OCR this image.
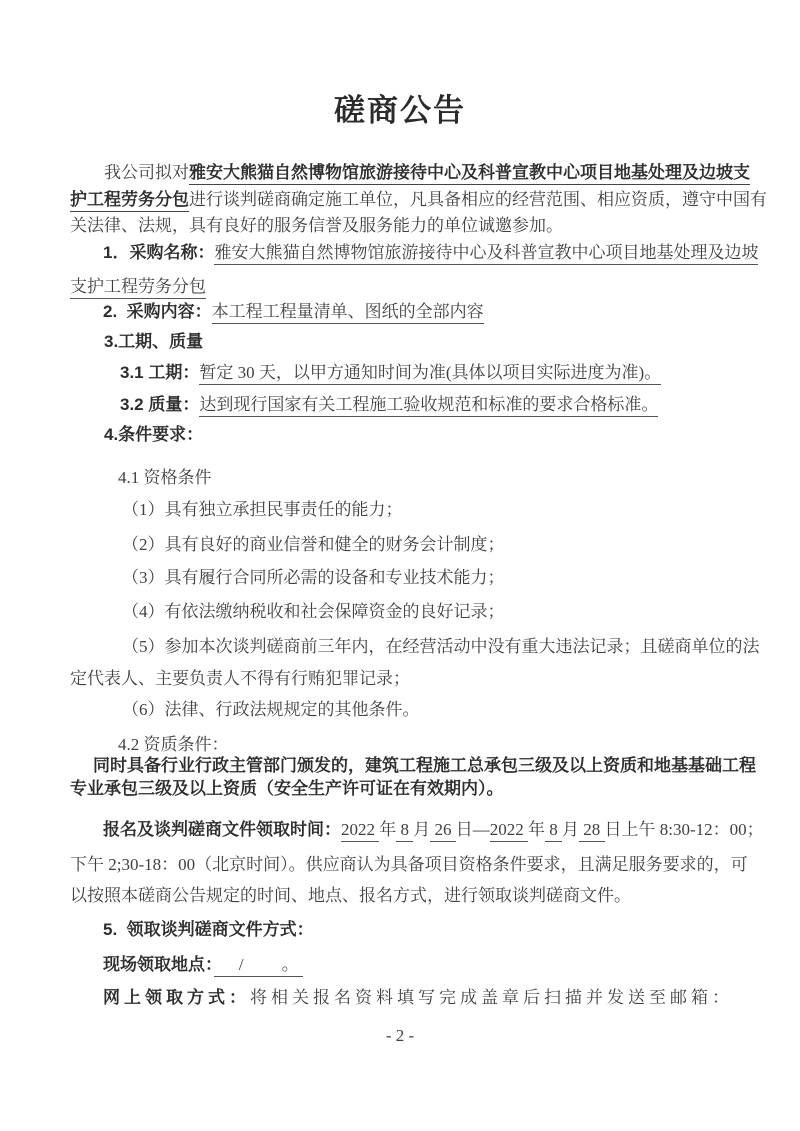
磋商公告
我公司拟对雅安大熊猫自然博物馆旅游接待中心及科普宣教中心项目地基处理及边坡支
护工程劳务分包进行谈判磋商确定施工单位，凡具备相应的经营范围、相应资质，遵守中国有
关法律、法规，具有良好的服务信誉及服务能力的单位诚邀参加。
1．采购名称：雅安大熊猫自然博物馆旅游接待中心及科普宣教中心项目地基处理及边坡
支护工程劳务分包
2.  采购内容：本工程工程量清单、图纸的全部内容
3.工期、质量
3.1 工期：暂定 30 天，以甲方通知时间为准(具体以项目实际进度为准)。
3.2 质量：达到现行国家有关工程施工验收规范和标准的要求合格标准。
4.条件要求：
4.1 资格条件
（1）具有独立承担民事责任的能力；
（2）具有良好的商业信誉和健全的财务会计制度；
（3）具有履行合同所必需的设备和专业技术能力；
（4）有依法缴纳税收和社会保障资金的良好记录；
（5）参加本次谈判磋商前三年内，在经营活动中没有重大违法记录；且磋商单位的法
定代表人、主要负责人不得有行贿犯罪记录；
（6）法律、行政法规规定的其他条件。
4.2 资质条件：
同时具备行业行政主管部门颁发的，建筑工程施工总承包三级及以上资质和地基基础工程
专业承包三级及以上资质（安全生产许可证在有效期内）。
报名及谈判磋商文件领取时间：2022 年 8 月 26 日—2022 年 8 月 28 日上午 8:30-12：00；
下午 2;30-18：00（北京时间）。供应商认为具备项目资格条件要求，且满足服务要求的，可
以按照本磋商公告规定的时间、地点、报名方式，进行领取谈判磋商文件。
5.  领取谈判磋商文件方式：
现场领取地点：　 /　　 。
网上领取方式：将相关报名资料填写完成盖章后扫描并发送至邮箱：
- 2 -
